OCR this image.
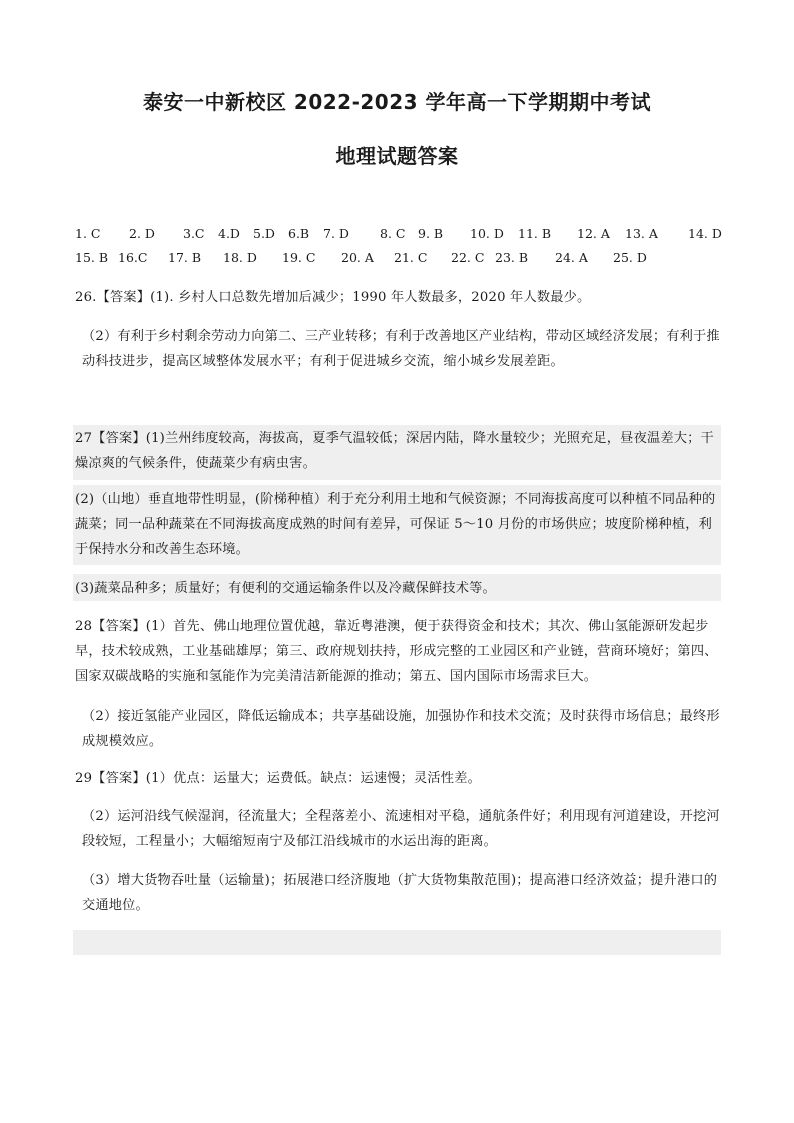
泰安一中新校区 2022-2023 学年高一下学期期中考试
地理试题答案
1. C 2. D 3.C 4.D 5.D 6.B 7. D 8. C 9. B 10. D 11. B 12. A 13. A 14. D
15. B 16.C 17. B 18. D 19. C 20. A 21. C 22. C 23. B 24. A 25. D

26.【答案】(1). 乡村人口总数先增加后减少；1990 年人数最多，2020 年人数最少。

（2）有利于乡村剩余劳动力向第二、三产业转移；有利于改善地区产业结构，带动区域经济发展；有利于推动科技进步，提高区域整体发展水平；有利于促进城乡交流，缩小城乡发展差距。

27【答案】(1)兰州纬度较高，海拔高，夏季气温较低；深居内陆，降水量较少；光照充足，昼夜温差大；干燥凉爽的气候条件，使蔬菜少有病虫害。

(2)（山地）垂直地带性明显，(阶梯种植）利于充分利用土地和气候资源；不同海拔高度可以种植不同品种的蔬菜；同一品种蔬菜在不同海拔高度成熟的时间有差异，可保证 5～10 月份的市场供应；坡度阶梯种植，利于保持水分和改善生态环境。

(3)蔬菜品种多；质量好；有便利的交通运输条件以及冷藏保鲜技术等。

28【答案】(1）首先、佛山地理位置优越，靠近粤港澳，便于获得资金和技术；其次、佛山氢能源研发起步早，技术较成熟，工业基础雄厚；第三、政府规划扶持，形成完整的工业园区和产业链，营商环境好；第四、国家双碳战略的实施和氢能作为完美清洁新能源的推动；第五、国内国际市场需求巨大。

（2）接近氢能产业园区，降低运输成本；共享基础设施，加强协作和技术交流；及时获得市场信息；最终形成规模效应。

29【答案】(1）优点：运量大；运费低。缺点：运速慢；灵活性差。

（2）运河沿线气候湿润，径流量大；全程落差小、流速相对平稳，通航条件好；利用现有河道建设，开挖河段较短，工程量小；大幅缩短南宁及郁江沿线城市的水运出海的距离。

（3）增大货物吞吐量（运输量)；拓展港口经济腹地（扩大货物集散范围)；提高港口经济效益；提升港口的交通地位。
